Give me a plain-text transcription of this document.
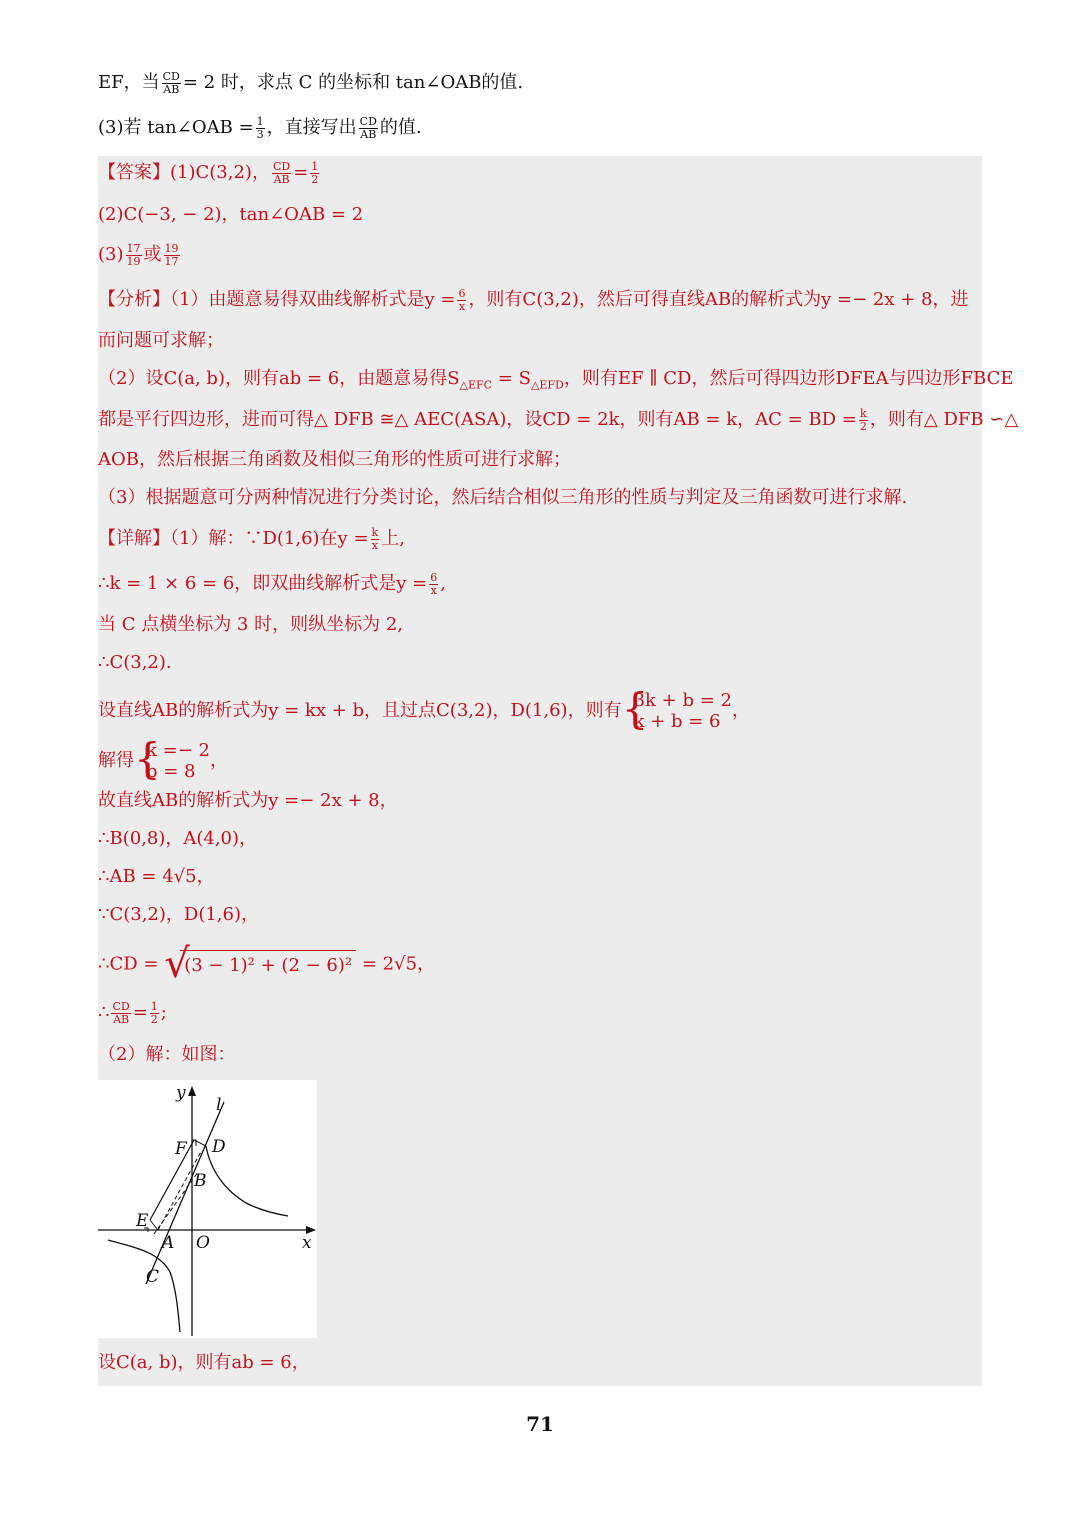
EF，当 $\frac{CD}{AB} = 2$ 时，求点 C 的坐标和 tan∠OAB的值.
(3)若 tan∠OAB = $\frac{1}{3}$ ，直接写出 $\frac{CD}{AB}$ 的值.
【答案】(1)C(3,2)， $\frac{CD}{AB} = \frac{1}{2}$
(2)C(−3, − 2)，tan∠OAB = 2
$(3) \frac{17}{19}$ 或 $\frac{19}{17}$
【分析】（1）由题意易得双曲线解析式是$y = \frac{6}{x}$ ，则有C(3,2)，然后可得直线AB的解析式为y =− 2x + 8，进
而问题可求解；
（2）设C(a, b)，则有ab = 6，由题意易得$S_{\triangle EFC} = S_{\triangle EFD}$，则有EF ∥ CD，然后可得四边形DFEA与四边形FBCE
都是平行四边形，进而可得△ DFB ≅△ AEC(ASA)，设CD = 2k，则有AB = k，AC = BD = $\frac{k}{2}$ ，则有△ DFB ∽△
AOB，然后根据三角函数及相似三角形的性质可进行求解；
（3）根据题意可分两种情况进行分类讨论，然后结合相似三角形的性质与判定及三角函数可进行求解.
【详解】（1）解：∵D(1,6)在$y = \frac{k}{x}$ 上,
∴k = 1 × 6 = 6，即双曲线解析式是$y = \frac{6}{x}$ ,
当 C 点横坐标为 3 时，则纵坐标为 2,
∴C(3,2).
设直线AB的解析式为y = kx + b，且过点C(3,2)，D(1,6)，则有 {
3k + b = 2
k + b = 6
，
解得 {
k =− 2
b = 8
，
故直线AB的解析式为y =− 2x + 8，
∴B(0,8)，A(4,0)，
∴AB = 4√5，
∵C(3,2)，D(1,6)，
∴CD = √
(3 − 1)² + (2 − 6)² = 2√5，
∴ $\frac{CD}{AB} = \frac{1}{2}$ ;
（2）解：如图：
y
l
F D
B
E
A O	x
C
设C(a, b)，则有ab = 6，
71
